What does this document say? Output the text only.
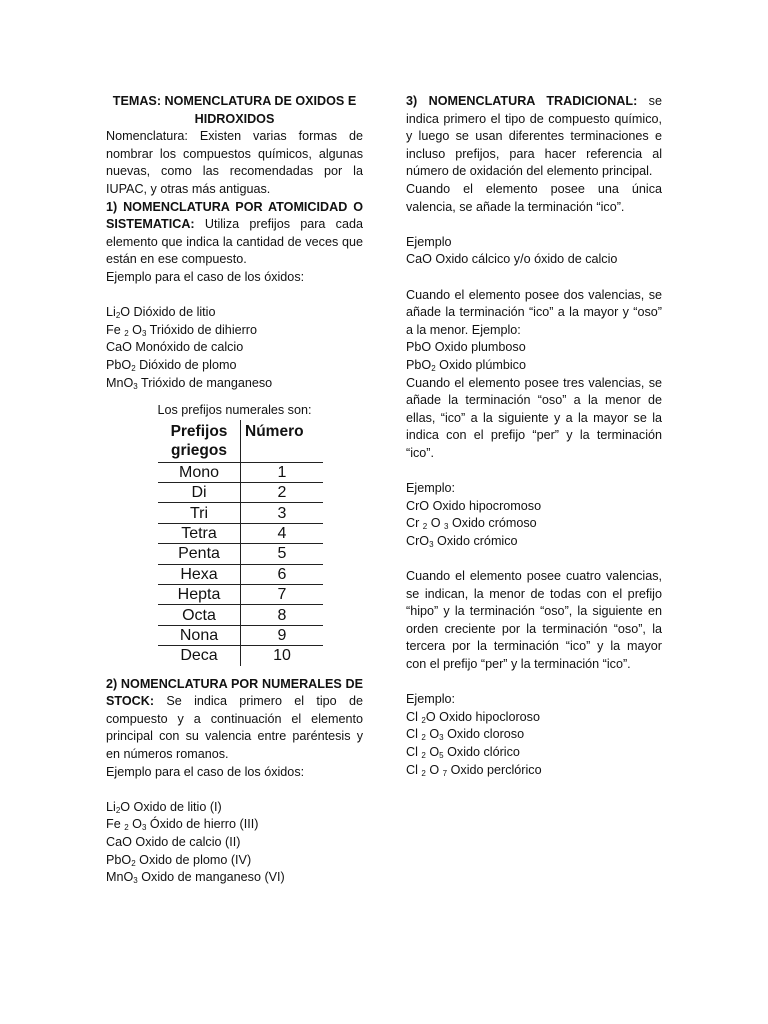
TEMAS: NOMENCLATURA DE OXIDOS E HIDROXIDOS
Nomenclatura: Existen varias formas de nombrar los compuestos químicos, algunas nuevas, como las recomendadas por la IUPAC, y otras más antiguas.
1) NOMENCLATURA POR ATOMICIDAD O SISTEMATICA: Utiliza prefijos para cada elemento que indica la cantidad de veces que están en ese compuesto.
Ejemplo para el caso de los óxidos:
$Li_2O$ Dióxido de litio
Fe $_2$ $O_3$ Trióxido de dihierro
CaO Monóxido de calcio
PbO$_2$ Dióxido de plomo
MnO$_3$ Trióxido de manganeso
Los prefijos numerales son:
Prefijos griegos	Número
Mono	1
Di	2
Tri	3
Tetra	4
Penta	5
Hexa	6
Hepta	7
Octa	8
Nona	9
Deca	10
2) NOMENCLATURA POR NUMERALES DE STOCK: Se indica primero el tipo de compuesto y a continuación el elemento principal con su valencia entre paréntesis y en números romanos.
Ejemplo para el caso de los óxidos:
$Li_2O$ Oxido de litio (I)
Fe $_2$ $O_3$ Óxido de hierro (III)
CaO Oxido de calcio (II)
PbO$_2$ Oxido de plomo (IV)
MnO$_3$ Oxido de manganeso (VI)
3) NOMENCLATURA TRADICIONAL: se indica primero el tipo de compuesto químico, y luego se usan diferentes terminaciones e incluso prefijos, para hacer referencia al número de oxidación del elemento principal.
Cuando el elemento posee una única valencia, se añade la terminación “ico”.
Ejemplo
CaO Oxido cálcico y/o óxido de calcio
Cuando el elemento posee dos valencias, se añade la terminación “ico” a la mayor y “oso” a la menor. Ejemplo:
PbO Oxido plumboso
PbO$_2$ Oxido plúmbico
Cuando el elemento posee tres valencias, se añade la terminación “oso” a la menor de ellas, “ico” a la siguiente y a la mayor se la indica con el prefijo “per” y la terminación “ico”.
Ejemplo:
CrO Oxido hipocromoso
Cr $_2$ O $_3$ Oxido crómoso
CrO$_3$ Oxido crómico
Cuando el elemento posee cuatro valencias, se indican, la menor de todas con el prefijo “hipo” y la terminación “oso”, la siguiente en orden creciente por la terminación “oso”, la tercera por la terminación “ico” y la mayor con el prefijo “per” y la terminación “ico”.
Ejemplo:
Cl $_2$O Oxido hipocloroso
Cl $_2$ $O_3$ Oxido cloroso
Cl $_2$ $O_5$ Oxido clórico
Cl $_2$ O $_7$ Oxido perclórico
